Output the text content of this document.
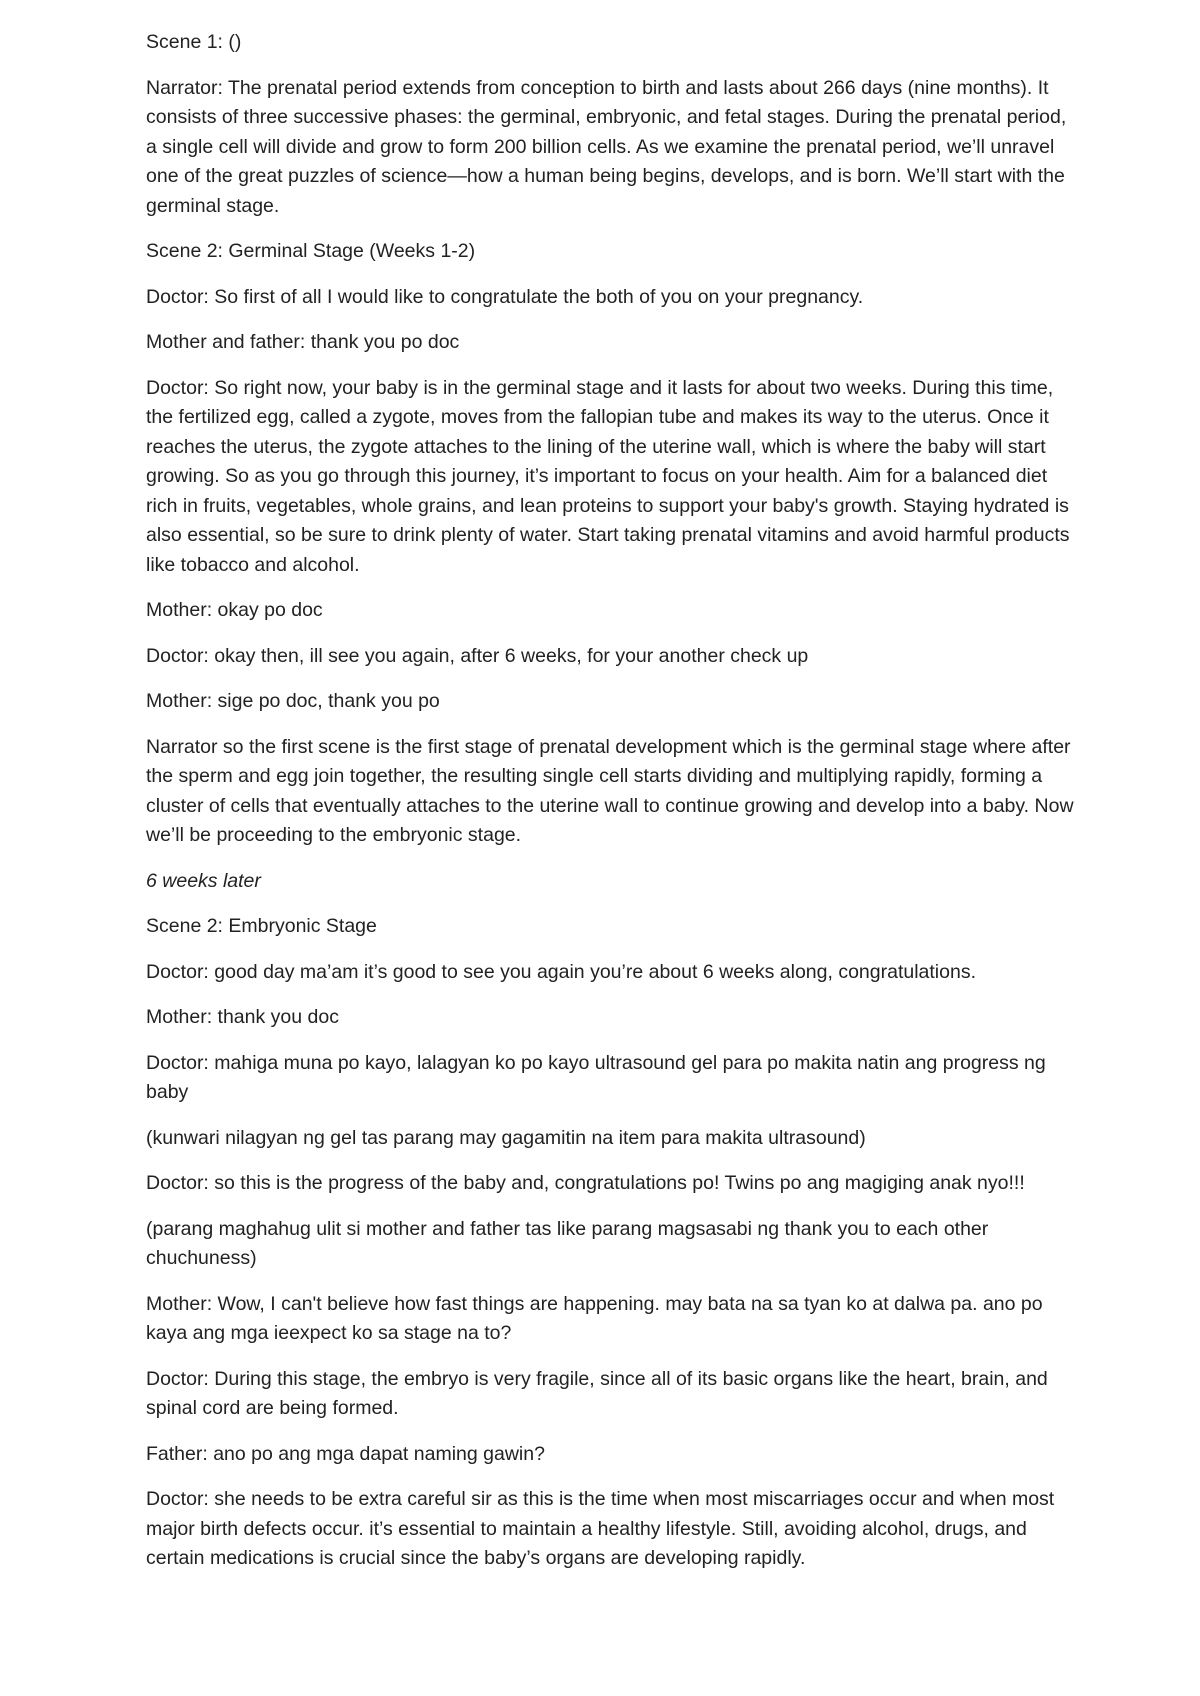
Scene 1: ()

Narrator: The prenatal period extends from conception to birth and lasts about 266 days (nine months). It consists of three successive phases: the germinal, embryonic, and fetal stages. During the prenatal period, a single cell will divide and grow to form 200 billion cells. As we examine the prenatal period, we’ll unravel one of the great puzzles of science—how a human being begins, develops, and is born. We’ll start with the germinal stage.

Scene 2: Germinal Stage (Weeks 1-2)

Doctor: So first of all I would like to congratulate the both of you on your pregnancy.

Mother and father: thank you po doc

Doctor: So right now, your baby is in the germinal stage and it lasts for about two weeks. During this time, the fertilized egg, called a zygote, moves from the fallopian tube and makes its way to the uterus. Once it reaches the uterus, the zygote attaches to the lining of the uterine wall, which is where the baby will start growing. So as you go through this journey, it’s important to focus on your health. Aim for a balanced diet rich in fruits, vegetables, whole grains, and lean proteins to support your baby's growth. Staying hydrated is also essential, so be sure to drink plenty of water. Start taking prenatal vitamins and avoid harmful products like tobacco and alcohol.

Mother: okay po doc

Doctor: okay then, ill see you again, after 6 weeks, for your another check up

Mother: sige po doc, thank you po

Narrator so the first scene is the first stage of prenatal development which is the germinal stage where after the sperm and egg join together, the resulting single cell starts dividing and multiplying rapidly, forming a cluster of cells that eventually attaches to the uterine wall to continue growing and develop into a baby. Now we’ll be proceeding to the embryonic stage.

6 weeks later

Scene 2: Embryonic Stage

Doctor: good day ma’am it’s good to see you again you’re about 6 weeks along, congratulations.

Mother: thank you doc

Doctor: mahiga muna po kayo, lalagyan ko po kayo ultrasound gel para po makita natin ang progress ng baby

(kunwari nilagyan ng gel tas parang may gagamitin na item para makita ultrasound)

Doctor: so this is the progress of the baby and, congratulations po! Twins po ang magiging anak nyo!!!

(parang maghahug ulit si mother and father tas like parang magsasabi ng thank you to each other chuchuness)

Mother: Wow, I can't believe how fast things are happening. may bata na sa tyan ko at dalwa pa. ano po kaya ang mga ieexpect ko sa stage na to?

Doctor: During this stage, the embryo is very fragile, since all of its basic organs like the heart, brain, and spinal cord are being formed.

Father: ano po ang mga dapat naming gawin?

Doctor: she needs to be extra careful sir as this is the time when most miscarriages occur and when most major birth defects occur. it’s essential to maintain a healthy lifestyle. Still, avoiding alcohol, drugs, and certain medications is crucial since the baby’s organs are developing rapidly.
